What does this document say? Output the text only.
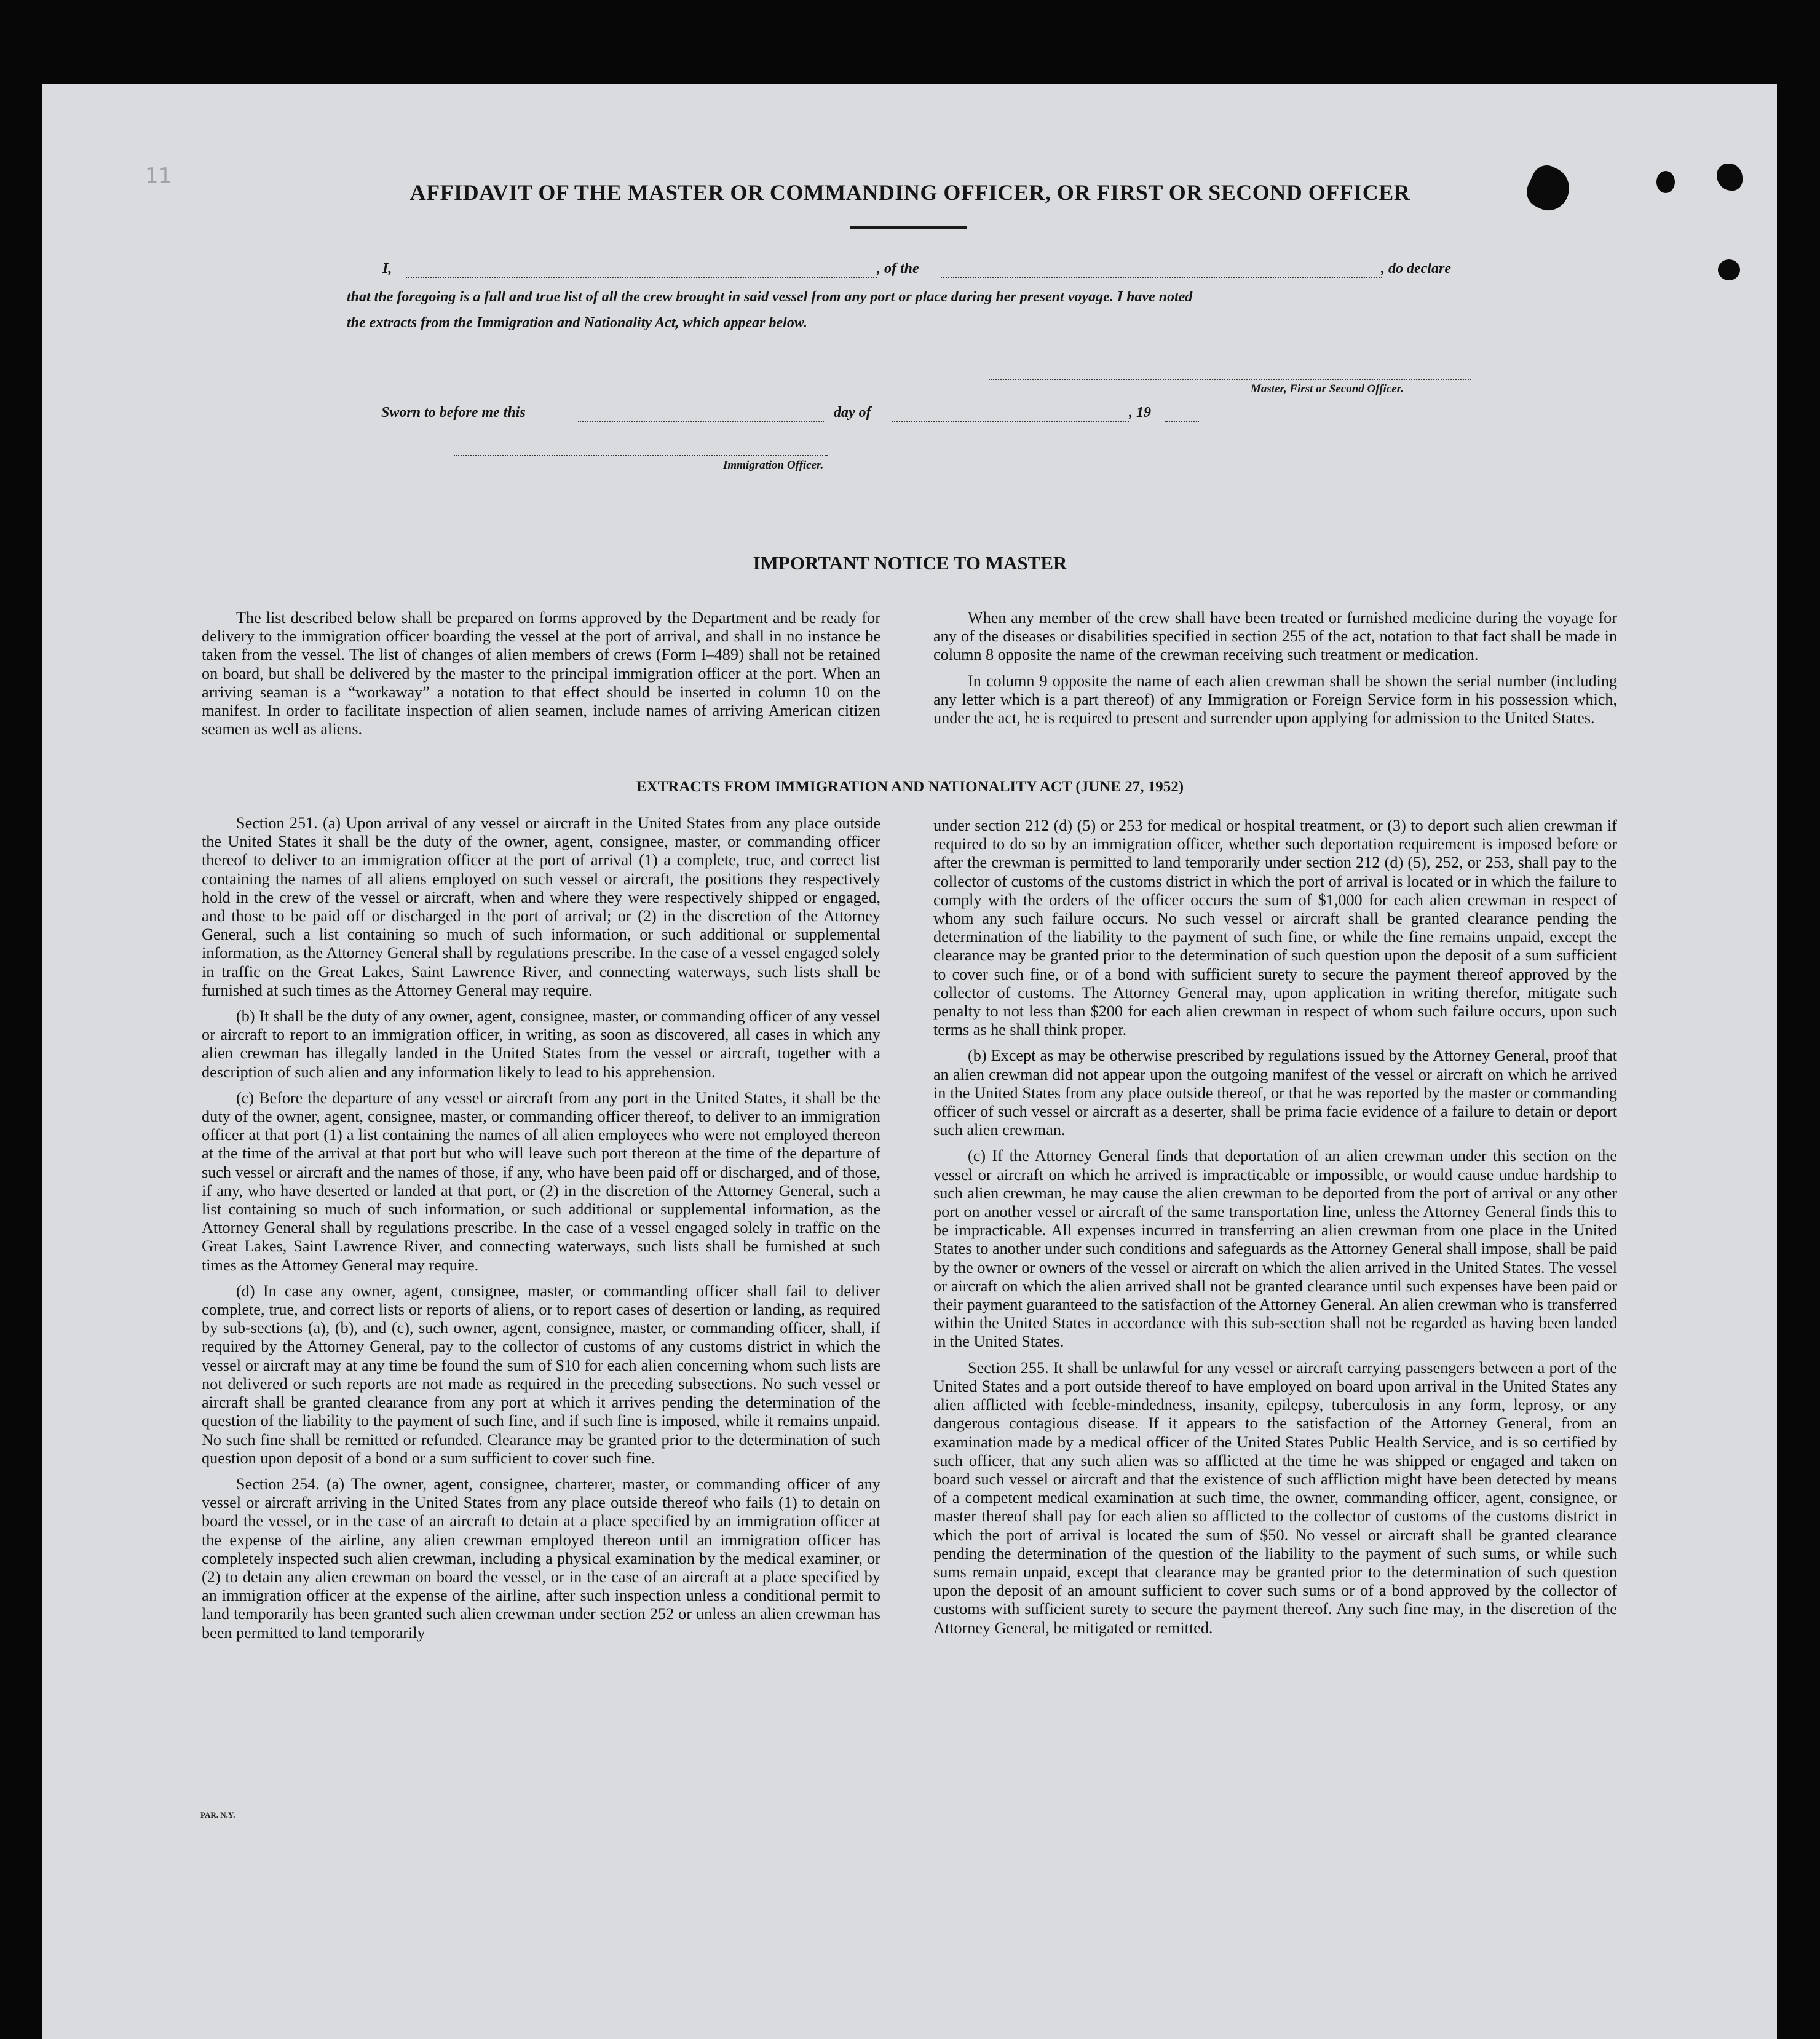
11
AFFIDAVIT OF THE MASTER OR COMMANDING OFFICER, OR FIRST OR SECOND OFFICER
I,	, of the	, do declare
that the foregoing is a full and true list of all the crew brought in said vessel from any port or place during her present voyage. I have noted
the extracts from the Immigration and Nationality Act, which appear below.
Master, First or Second Officer.
Sworn to before me this	day of	, 19
Immigration Officer.
IMPORTANT NOTICE TO MASTER

The list described below shall be prepared on forms approved by the Department and be ready for delivery to the immigration officer boarding the vessel at the port of arrival, and shall in no instance be taken from the vessel. The list of changes of alien members of crews (Form I–489) shall not be retained on board, but shall be delivered by the master to the principal immigration officer at the port. When an arriving seaman is a “workaway” a notation to that effect should be inserted in column 10 on the manifest. In order to facilitate inspection of alien seamen, include names of arriving American citizen seamen as well as aliens.

When any member of the crew shall have been treated or furnished medicine during the voyage for any of the diseases or disabilities specified in section 255 of the act, notation to that fact shall be made in column 8 opposite the name of the crewman receiving such treatment or medication.

In column 9 opposite the name of each alien crewman shall be shown the serial number (including any letter which is a part thereof) of any Immigration or Foreign Service form in his possession which, under the act, he is required to present and surrender upon applying for admission to the United States.

EXTRACTS FROM IMMIGRATION AND NATIONALITY ACT (JUNE 27, 1952)

Section 251. (a) Upon arrival of any vessel or aircraft in the United States from any place outside the United States it shall be the duty of the owner, agent, consignee, master, or commanding officer thereof to deliver to an immigration officer at the port of arrival (1) a complete, true, and correct list containing the names of all aliens employed on such vessel or aircraft, the positions they respectively hold in the crew of the vessel or aircraft, when and where they were respectively shipped or engaged, and those to be paid off or discharged in the port of arrival; or (2) in the discretion of the Attorney General, such a list containing so much of such information, or such additional or supplemental information, as the Attorney General shall by regulations prescribe. In the case of a vessel engaged solely in traffic on the Great Lakes, Saint Lawrence River, and connecting waterways, such lists shall be furnished at such times as the Attorney General may require.

(b) It shall be the duty of any owner, agent, consignee, master, or commanding officer of any vessel or aircraft to report to an immigration officer, in writing, as soon as discovered, all cases in which any alien crewman has illegally landed in the United States from the vessel or aircraft, together with a description of such alien and any information likely to lead to his apprehension.

(c) Before the departure of any vessel or aircraft from any port in the United States, it shall be the duty of the owner, agent, consignee, master, or commanding officer thereof, to deliver to an immigration officer at that port (1) a list containing the names of all alien employees who were not employed thereon at the time of the arrival at that port but who will leave such port thereon at the time of the departure of such vessel or aircraft and the names of those, if any, who have been paid off or discharged, and of those, if any, who have deserted or landed at that port, or (2) in the discretion of the Attorney General, such a list containing so much of such information, or such additional or supplemental information, as the Attorney General shall by regulations prescribe. In the case of a vessel engaged solely in traffic on the Great Lakes, Saint Lawrence River, and connecting waterways, such lists shall be furnished at such times as the Attorney General may require.

(d) In case any owner, agent, consignee, master, or commanding officer shall fail to deliver complete, true, and correct lists or reports of aliens, or to report cases of desertion or landing, as required by sub-sections (a), (b), and (c), such owner, agent, consignee, master, or commanding officer, shall, if required by the Attorney General, pay to the collector of customs of any customs district in which the vessel or aircraft may at any time be found the sum of $10 for each alien concerning whom such lists are not delivered or such reports are not made as required in the preceding subsections. No such vessel or aircraft shall be granted clearance from any port at which it arrives pending the determination of the question of the liability to the payment of such fine, and if such fine is imposed, while it remains unpaid. No such fine shall be remitted or refunded. Clearance may be granted prior to the determination of such question upon deposit of a bond or a sum sufficient to cover such fine.

Section 254. (a) The owner, agent, consignee, charterer, master, or commanding officer of any vessel or aircraft arriving in the United States from any place outside thereof who fails (1) to detain on board the vessel, or in the case of an aircraft to detain at a place specified by an immigration officer at the expense of the airline, any alien crewman employed thereon until an immigration officer has completely inspected such alien crewman, including a physical examination by the medical examiner, or (2) to detain any alien crewman on board the vessel, or in the case of an aircraft at a place specified by an immigration officer at the expense of the airline, after such inspection unless a conditional permit to land temporarily has been granted such alien crewman under section 252 or unless an alien crewman has been permitted to land temporarily

under section 212 (d) (5) or 253 for medical or hospital treatment, or (3) to deport such alien crewman if required to do so by an immigration officer, whether such deportation requirement is imposed before or after the crewman is permitted to land temporarily under section 212 (d) (5), 252, or 253, shall pay to the collector of customs of the customs district in which the port of arrival is located or in which the failure to comply with the orders of the officer occurs the sum of $1,000 for each alien crewman in respect of whom any such failure occurs. No such vessel or aircraft shall be granted clearance pending the determination of the liability to the payment of such fine, or while the fine remains unpaid, except the clearance may be granted prior to the determination of such question upon the deposit of a sum sufficient to cover such fine, or of a bond with sufficient surety to secure the payment thereof approved by the collector of customs. The Attorney General may, upon application in writing therefor, mitigate such penalty to not less than $200 for each alien crewman in respect of whom such failure occurs, upon such terms as he shall think proper.

(b) Except as may be otherwise prescribed by regulations issued by the Attorney General, proof that an alien crewman did not appear upon the outgoing manifest of the vessel or aircraft on which he arrived in the United States from any place outside thereof, or that he was reported by the master or commanding officer of such vessel or aircraft as a deserter, shall be prima facie evidence of a failure to detain or deport such alien crewman.

(c) If the Attorney General finds that deportation of an alien crewman under this section on the vessel or aircraft on which he arrived is impracticable or impossible, or would cause undue hardship to such alien crewman, he may cause the alien crewman to be deported from the port of arrival or any other port on another vessel or aircraft of the same transportation line, unless the Attorney General finds this to be impracticable. All expenses incurred in transferring an alien crewman from one place in the United States to another under such conditions and safeguards as the Attorney General shall impose, shall be paid by the owner or owners of the vessel or aircraft on which the alien arrived in the United States. The vessel or aircraft on which the alien arrived shall not be granted clearance until such expenses have been paid or their payment guaranteed to the satisfaction of the Attorney General. An alien crewman who is transferred within the United States in accordance with this sub-section shall not be regarded as having been landed in the United States.

Section 255. It shall be unlawful for any vessel or aircraft carrying passengers between a port of the United States and a port outside thereof to have employed on board upon arrival in the United States any alien afflicted with feeble-mindedness, insanity, epilepsy, tuberculosis in any form, leprosy, or any dangerous contagious disease. If it appears to the satisfaction of the Attorney General, from an examination made by a medical officer of the United States Public Health Service, and is so certified by such officer, that any such alien was so afflicted at the time he was shipped or engaged and taken on board such vessel or aircraft and that the existence of such affliction might have been detected by means of a competent medical examination at such time, the owner, commanding officer, agent, consignee, or master thereof shall pay for each alien so afflicted to the collector of customs of the customs district in which the port of arrival is located the sum of $50. No vessel or aircraft shall be granted clearance pending the determination of the question of the liability to the payment of such sums, or while such sums remain unpaid, except that clearance may be granted prior to the determination of such question upon the deposit of an amount sufficient to cover such sums or of a bond approved by the collector of customs with sufficient surety to secure the payment thereof. Any such fine may, in the discretion of the Attorney General, be mitigated or remitted.

PAR. N.Y.
